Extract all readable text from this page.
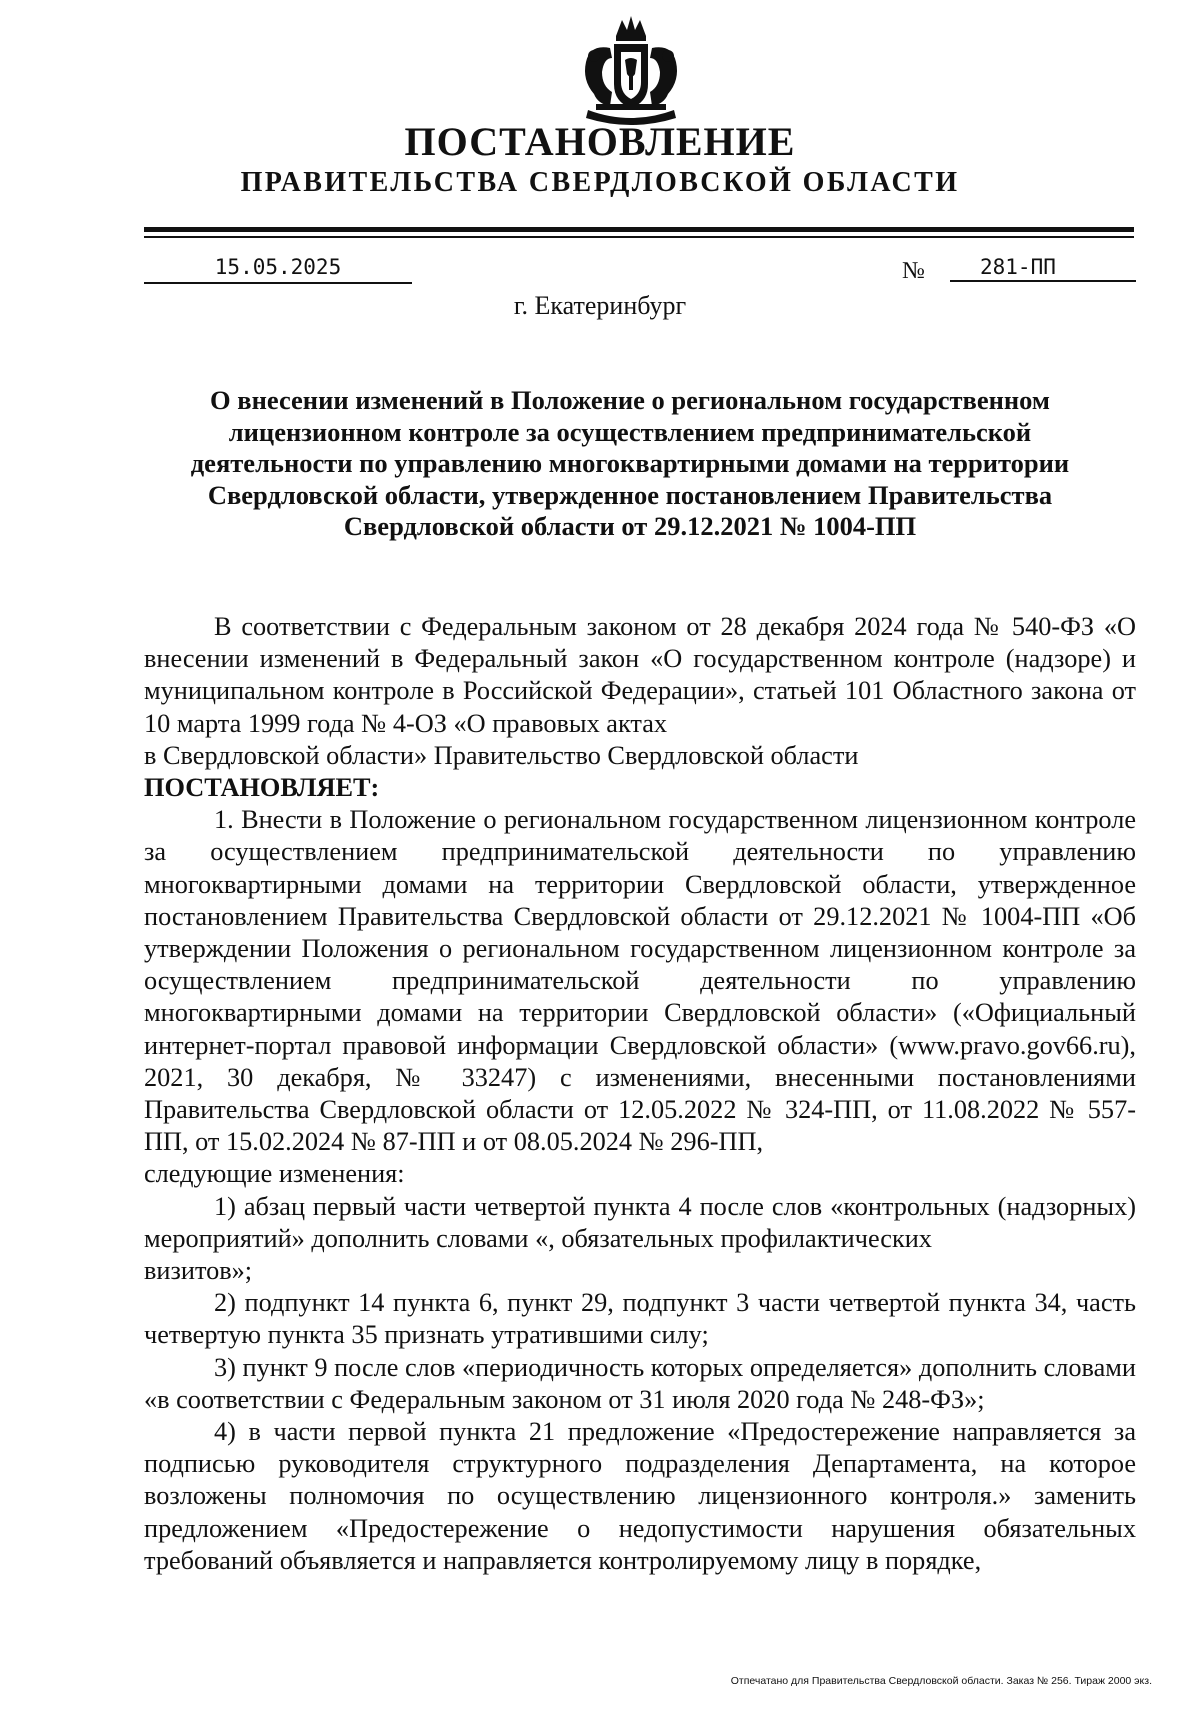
ПОСТАНОВЛЕНИЕ
ПРАВИТЕЛЬСТВА СВЕРДЛОВСКОЙ ОБЛАСТИ
15.05.2025	№	281-ПП
г. Екатеринбург
О внесении изменений в Положение о региональном государственном
лицензионном контроле за осуществлением предпринимательской
деятельности по управлению многоквартирными домами на территории
Свердловской области, утвержденное постановлением Правительства
Свердловской области от 29.12.2021 № 1004-ПП

В соответствии с Федеральным законом от 28 декабря 2024 года № 540-ФЗ «О внесении изменений в Федеральный закон «О государственном контроле (надзоре) и муниципальном контроле в Российской Федерации», статьей 101 Областного закона от 10 марта 1999 года № 4-ОЗ «О правовых актах

в Свердловской области» Правительство Свердловской области

ПОСТАНОВЛЯЕТ:

1. Внести в Положение о региональном государственном лицензионном контроле за осуществлением предпринимательской деятельности по управлению многоквартирными домами на территории Свердловской области, утвержденное постановлением Правительства Свердловской области от 29.12.2021 № 1004-ПП «Об утверждении Положения о региональном государственном лицензионном контроле за осуществлением предпринимательской деятельности по управлению многоквартирными домами на территории Свердловской области» («Официальный интернет-портал правовой информации Свердловской области» (www.pravo.gov66.ru), 2021, 30 декабря, № 33247) с изменениями, внесенными постановлениями Правительства Свердловской области от 12.05.2022 № 324-ПП, от 11.08.2022 № 557-ПП, от 15.02.2024 № 87-ПП и от 08.05.2024 № 296-ПП,

следующие изменения:

1) абзац первый части четвертой пункта 4 после слов «контрольных (надзорных) мероприятий» дополнить словами «, обязательных профилактических

визитов»;

2) подпункт 14 пункта 6, пункт 29, подпункт 3 части четвертой пункта 34, часть четвертую пункта 35 признать утратившими силу;

3) пункт 9 после слов «периодичность которых определяется» дополнить словами «в соответствии с Федеральным законом от 31 июля 2020 года № 248-ФЗ»;

4) в части первой пункта 21 предложение «Предостережение направляется за подписью руководителя структурного подразделения Департамента, на которое возложены полномочия по осуществлению лицензионного контроля.» заменить предложением «Предостережение о недопустимости нарушения обязательных требований объявляется и направляется контролируемому лицу в порядке,

Отпечатано для Правительства Свердловской области. Заказ № 256. Тираж 2000 экз.
